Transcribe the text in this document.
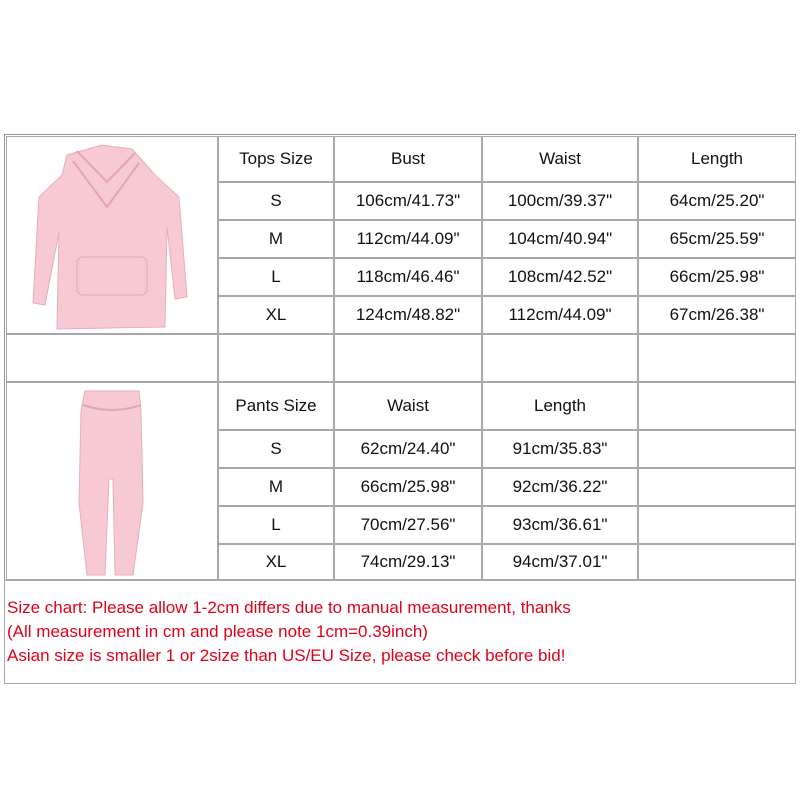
Tops Size	Bust	Waist	Length
S	106cm/41.73"	100cm/39.37"	64cm/25.20"
M	112cm/44.09"	104cm/40.94"	65cm/25.59"
L	118cm/46.46"	108cm/42.52"	66cm/25.98"
XL	124cm/48.82"	112cm/44.09"	67cm/26.38"
Pants Size	Waist	Length
S	62cm/24.40"	91cm/35.83"
M	66cm/25.98"	92cm/36.22"
L	70cm/27.56"	93cm/36.61"
XL	74cm/29.13"	94cm/37.01"
Size chart: Please allow 1-2cm differs due to manual measurement, thanks
(All measurement in cm and please note 1cm=0.39inch)
Asian size is smaller 1 or 2size than US/EU Size, please check before bid!
